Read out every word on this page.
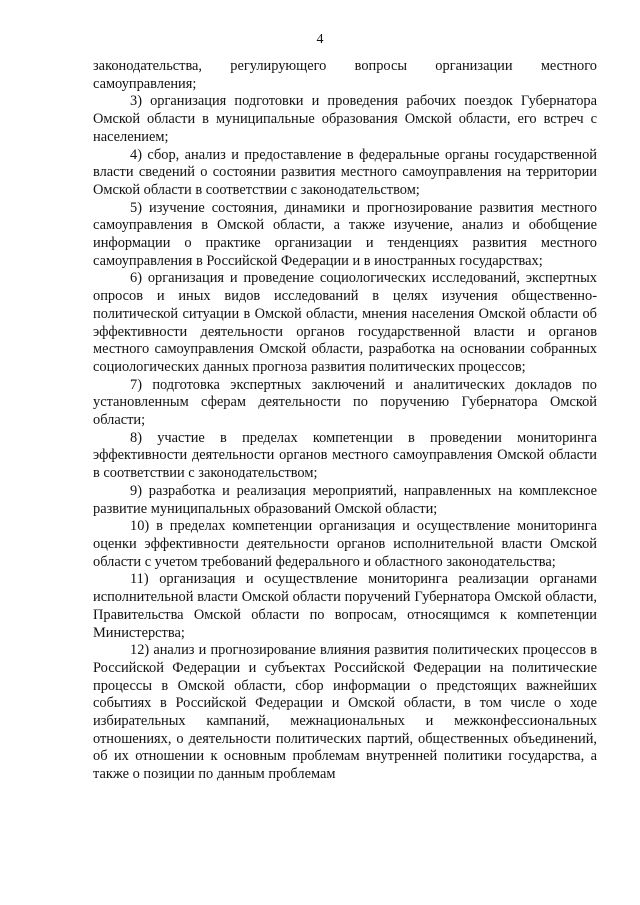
4

законодательства, регулирующего вопросы организации местного самоуправления;

3) организация подготовки и проведения рабочих поездок Губернатора Омской области в муниципальные образования Омской области, его встреч с населением;

4) сбор, анализ и предоставление в федеральные органы государственной власти сведений о состоянии развития местного самоуправления на территории Омской области в соответствии с законодательством;

5) изучение состояния, динамики и прогнозирование развития местного самоуправления в Омской области, а также изучение, анализ и обобщение информации о практике организации и тенденциях развития местного самоуправления в Российской Федерации и в иностранных государствах;

6) организация и проведение социологических исследований, экспертных опросов и иных видов исследований в целях изучения общественно-политической ситуации в Омской области, мнения населения Омской области об эффективности деятельности органов государственной власти и органов местного самоуправления Омской области, разработка на основании собранных социологических данных прогноза развития политических процессов;

7) подготовка экспертных заключений и аналитических докладов по установленным сферам деятельности по поручению Губернатора Омской области;

8) участие в пределах компетенции в проведении мониторинга эффективности деятельности органов местного самоуправления Омской области в соответствии с законодательством;

9) разработка и реализация мероприятий, направленных на комплексное развитие муниципальных образований Омской области;

10) в пределах компетенции организация и осуществление мониторинга оценки эффективности деятельности органов исполнительной власти Омской области с учетом требований федерального и областного законодательства;

11) организация и осуществление мониторинга реализации органами исполнительной власти Омской области поручений Губернатора Омской области, Правительства Омской области по вопросам, относящимся к компетенции Министерства;

12) анализ и прогнозирование влияния развития политических процессов в Российской Федерации и субъектах Российской Федерации на политические процессы в Омской области, сбор информации о предстоящих важнейших событиях в Российской Федерации и Омской области, в том числе о ходе избирательных кампаний, межнациональных и межконфессиональных отношениях, о деятельности политических партий, общественных объединений, об их отношении к основным проблемам внутренней политики государства, а также о позиции по данным проблемам
